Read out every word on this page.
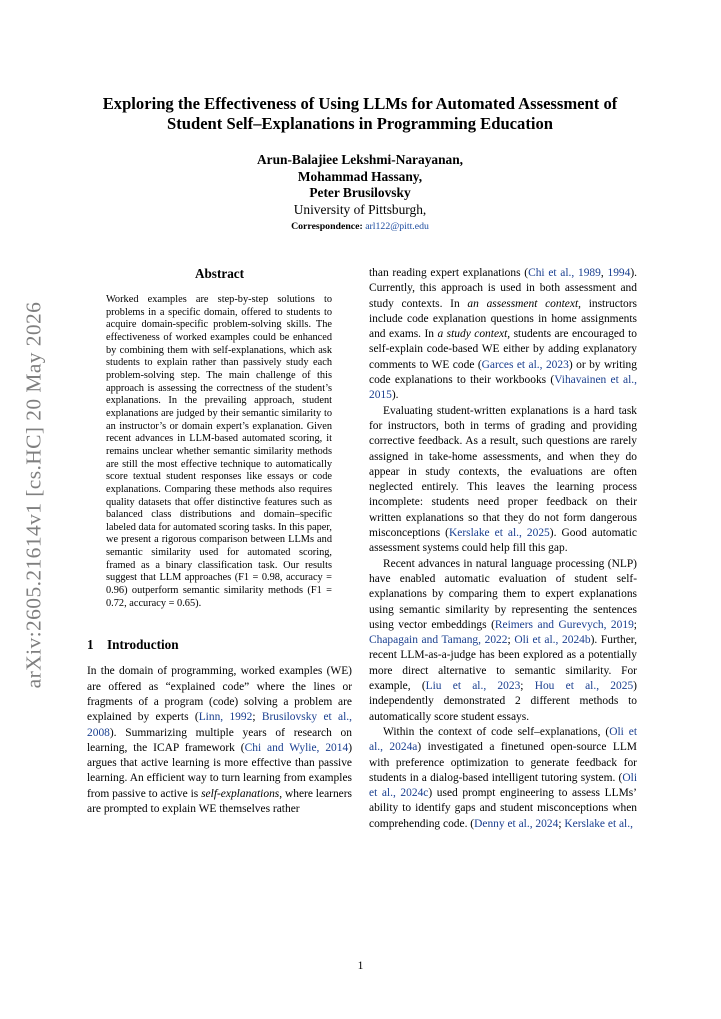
arXiv:2605.21614v1 [cs.HC] 20 May 2026
Exploring the Effectiveness of Using LLMs for Automated Assessment of
Student Self–Explanations in Programming Education
Arun-Balajiee Lekshmi-Narayanan,
Mohammad Hassany,
Peter Brusilovsky
University of Pittsburgh,
Correspondence: arl122@pitt.edu
Abstract

Worked examples are step-by-step solutions to problems in a specific domain, offered to students to acquire domain-specific problem-solving skills. The effectiveness of worked examples could be enhanced by combining them with self-explanations, which ask students to explain rather than passively study each problem-solving step. The main challenge of this approach is assessing the correctness of the student’s explanations. In the prevailing approach, student explanations are judged by their semantic similarity to an instructor’s or domain expert’s explanation. Given recent advances in LLM-based automated scoring, it remains unclear whether semantic similarity methods are still the most effective technique to automatically score textual student responses like essays or code explanations. Comparing these methods also requires quality datasets that offer distinctive features such as balanced class distributions and domain–specific labeled data for automated scoring tasks. In this paper, we present a rigorous comparison between LLMs and semantic similarity used for automated scoring, framed as a binary classification task. Our results suggest that LLM approaches (F1 = 0.98, accuracy = 0.96) outperform semantic similarity methods (F1 = 0.72, accuracy = 0.65).

1 Introduction

In the domain of programming, worked examples (WE) are offered as “explained code” where the lines or fragments of a program (code) solving a problem are explained by experts (Linn, 1992; Brusilovsky et al., 2008). Summarizing multiple years of research on learning, the ICAP framework (Chi and Wylie, 2014) argues that active learning is more effective than passive learning. An efficient way to turn learning from examples from passive to active is self-explanations, where learners are prompted to explain WE themselves rather

than reading expert explanations (Chi et al., 1989, 1994). Currently, this approach is used in both assessment and study contexts. In an assessment context, instructors include code explanation questions in home assignments and exams. In a study context, students are encouraged to self-explain code-based WE either by adding explanatory comments to WE code (Garces et al., 2023) or by writing code explanations to their workbooks (Vihavainen et al., 2015).

Evaluating student-written explanations is a hard task for instructors, both in terms of grading and providing corrective feedback. As a result, such questions are rarely assigned in take-home assessments, and when they do appear in study contexts, the evaluations are often neglected entirely. This leaves the learning process incomplete: students need proper feedback on their written explanations so that they do not form dangerous misconceptions (Kerslake et al., 2025). Good automatic assessment systems could help fill this gap.

Recent advances in natural language processing (NLP) have enabled automatic evaluation of student self-explanations by comparing them to expert explanations using semantic similarity by representing the sentences using vector embeddings (Reimers and Gurevych, 2019; Chapagain and Tamang, 2022; Oli et al., 2024b). Further, recent LLM-as-a-judge has been explored as a potentially more direct alternative to semantic similarity. For example, (Liu et al., 2023; Hou et al., 2025) independently demonstrated 2 different methods to automatically score student essays.

Within the context of code self–explanations, (Oli et al., 2024a) investigated a finetuned open-source LLM with preference optimization to generate feedback for students in a dialog-based intelligent tutoring system. (Oli et al., 2024c) used prompt engineering to assess LLMs’ ability to identify gaps and student misconceptions when comprehending code. (Denny et al., 2024; Kerslake et al.,

1
